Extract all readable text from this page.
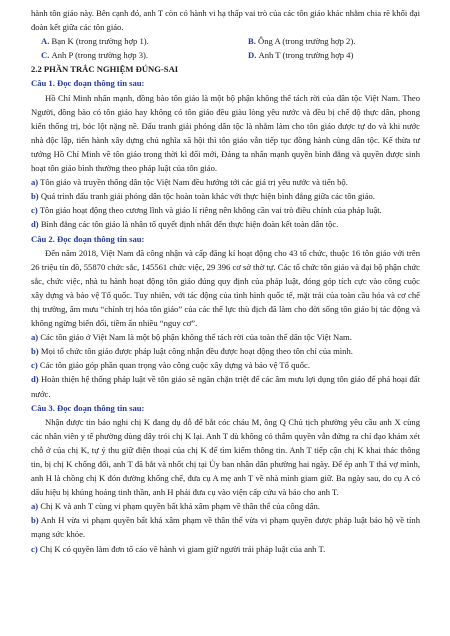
hành tôn giáo này. Bên cạnh đó, anh T còn có hành vi hạ thấp vai trò của các tôn giáo khác nhằm chia rẽ khối đại đoàn kết giữa các tôn giáo.

A. Bạn K (trong trường hợp 1).	B. Ông A (trong trường hợp 2).
C. Anh P (trong trường hợp 3).	D. Anh T (trong trường hợp 4)

2.2 PHẦN TRẮC NGHIỆM ĐÚNG-SAI

Câu 1. Đọc đoạn thông tin sau:

Hồ Chí Minh nhấn mạnh, đồng bào tôn giáo là một bộ phận không thể tách rời của dân tộc Việt Nam. Theo Người, đồng bào có tôn giáo hay không có tôn giáo đều giàu lòng yêu nước và đều bị chế độ thực dân, phong kiến thống trị, bóc lột nặng nề. Đấu tranh giải phóng dân tộc là nhằm làm cho tôn giáo được tự do và khi nước nhà độc lập, tiến hành xây dựng chủ nghĩa xã hội thì tôn giáo vẫn tiếp tục đồng hành cùng dân tộc. Kế thừa tư tưởng Hồ Chí Minh về tôn giáo trong thời kì đổi mới, Đảng ta nhấn mạnh quyền bình đẳng và quyền được sinh hoạt tôn giáo bình thường theo pháp luật của tôn giáo.

a) Tôn giáo và truyền thống dân tộc Việt Nam đều hướng tới các giá trị yêu nước và tiến bộ.

b) Quá trình đấu tranh giải phóng dân tộc hoàn toàn khác với thực hiện bình đẳng giữa các tôn giáo.

c) Tôn giáo hoạt động theo cương lĩnh và giáo lí riêng nên không cần vai trò điều chỉnh của pháp luật.

d) Bình đẳng các tôn giáo là nhân tố quyết định nhất đến thực hiện đoàn kết toàn dân tộc.

Câu 2. Đọc đoạn thông tin sau:

Đến năm 2018, Việt Nam đã công nhận và cấp đăng kí hoạt động cho 43 tổ chức, thuộc 16 tôn giáo với trên 26 triệu tín đồ, 55870 chức sắc, 145561 chức việc, 29 396 cơ sở thờ tự. Các tổ chức tôn giáo và đại bộ phận chức sắc, chức việc, nhà tu hành hoạt động tôn giáo đúng quy định của pháp luật, đóng góp tích cực vào công cuộc xây dựng và bảo vệ Tổ quốc. Tuy nhiên, với tác động của tình hình quốc tế, mặt trái của toàn cầu hóa và cơ chế thị trường, âm mưu “chính trị hóa tôn giáo” của các thế lực thù địch đã làm cho đời sống tôn giáo bị tác động và không ngừng biến đổi, tiềm ẩn nhiều “nguy cơ”.

a) Các tôn giáo ở Việt Nam là một bộ phận không thể tách rời của toàn thể dân tộc Việt Nam.

b) Mọi tổ chức tôn giáo được pháp luật công nhận đều được hoạt động theo tôn chỉ của mình.

c) Các tôn giáo góp phần quan trọng vào công cuộc xây dựng và bảo vệ Tổ quốc.

d) Hoàn thiện hệ thống pháp luật về tôn giáo sẽ ngăn chặn triệt để các âm mưu lợi dụng tôn giáo để phá hoại đất nước.

Câu 3. Đọc đoạn thông tin sau:

Nhận được tin báo nghi chị K đang dụ dỗ để bắt cóc cháu M, ông Q Chủ tịch phường yêu cầu anh X cùng các nhân viên y tế phường dùng dây trói chị K lại. Anh T dù không có thẩm quyền vẫn đứng ra chỉ đạo khám xét chỗ ở của chị K, tự ý thu giữ điện thoại của chị K để tìm kiếm thông tin. Anh T tiếp cận chị K khai thác thông tin, bị chị K chống đối, anh T đã bắt và nhốt chị tại Ủy ban nhân dân phường hai ngày. Để ép anh T thả vợ mình, anh H là chồng chị K đón đường khống chế, đưa cụ A mẹ anh T về nhà mình giam giữ. Ba ngày sau, do cụ A có dấu hiệu bị khủng hoảng tinh thần, anh H phải đưa cụ vào viện cấp cứu và báo cho anh T.

a) Chị K và anh T cùng vi phạm quyền bất khả xâm phạm về thân thể của công dân.

b) Anh H vừa vi phạm quyền bất khả xâm phạm về thân thể vừa vi phạm quyền được pháp luật bảo hộ về tính mạng sức khỏe.

c) Chị K có quyền làm đơn tố cáo về hành vi giam giữ người trái pháp luật của anh T.
